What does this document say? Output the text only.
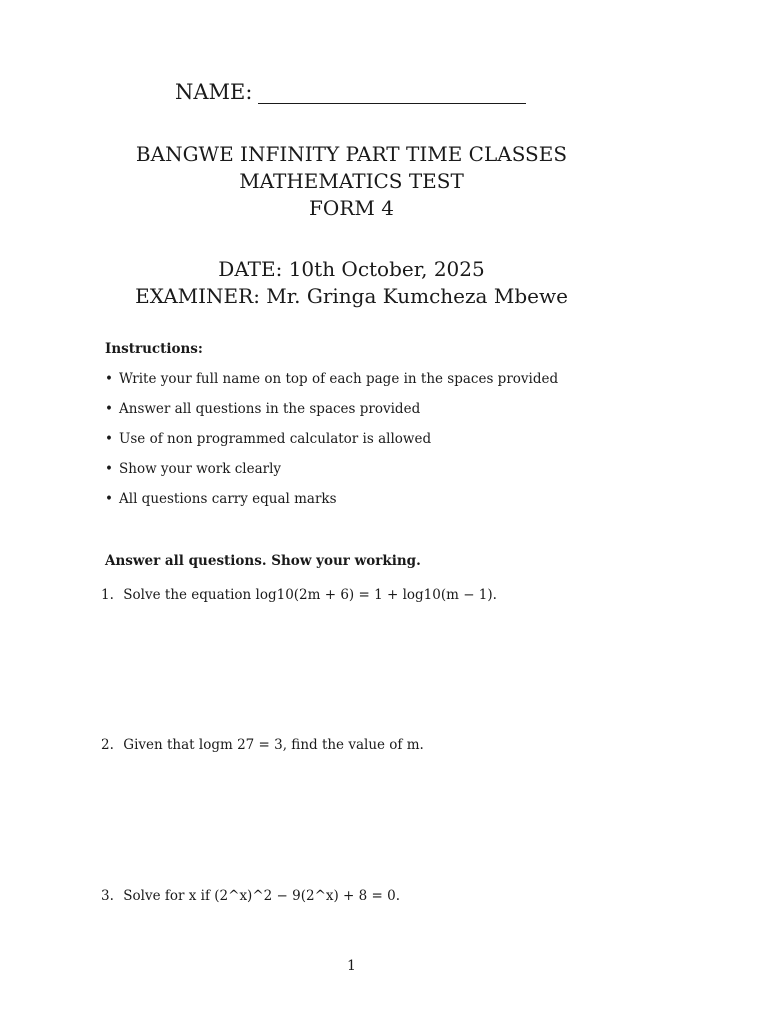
NAME:
BANGWE INFINITY PART TIME CLASSES
MATHEMATICS TEST
FORM 4
DATE: 10th October, 2025
EXAMINER: Mr. Gringa Kumcheza Mbewe
Instructions:
• Write your full name on top of each page in the spaces provided
• Answer all questions in the spaces provided
• Use of non programmed calculator is allowed
• Show your work clearly
• All questions carry equal marks
Answer all questions. Show your working.
1. Solve the equation log10(2m + 6) = 1 + log10(m − 1).
2. Given that logm 27 = 3, find the value of m.
3. Solve for x if (2^x)^2 − 9(2^x) + 8 = 0.
1
